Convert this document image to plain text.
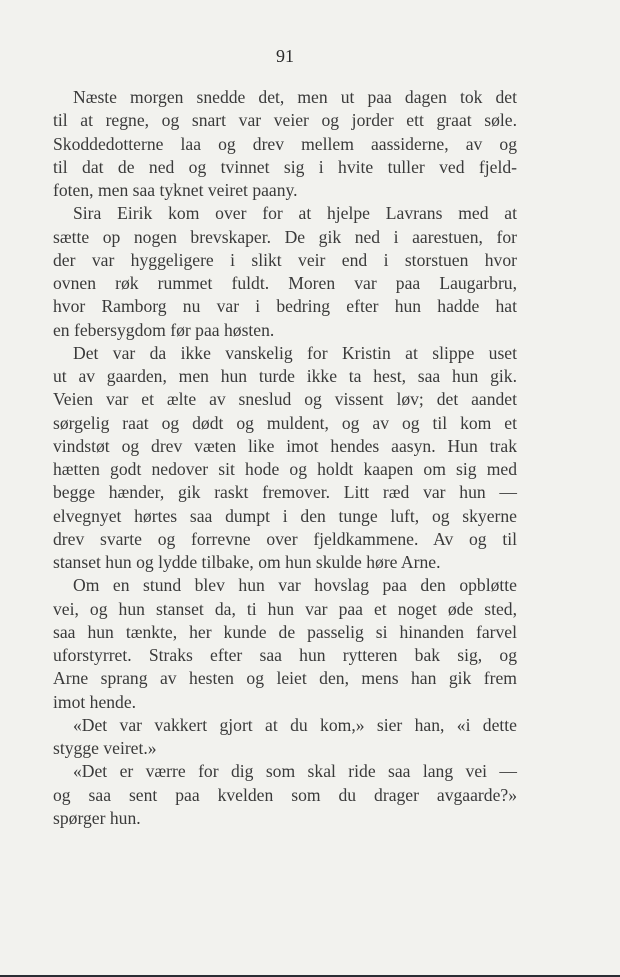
91
Næste morgen snedde det, men ut paa dagen tok det
til at regne, og snart var veier og jorder ett graat søle.
Skoddedotterne laa og drev mellem aassiderne, av og
til dat de ned og tvinnet sig i hvite tuller ved fjeld-
foten, men saa tyknet veiret paany.
Sira Eirik kom over for at hjelpe Lavrans med at
sætte op nogen brevskaper. De gik ned i aarestuen, for
der var hyggeligere i slikt veir end i storstuen hvor
ovnen røk rummet fuldt. Moren var paa Laugarbru,
hvor Ramborg nu var i bedring efter hun hadde hat
en febersygdom før paa høsten.
Det var da ikke vanskelig for Kristin at slippe uset
ut av gaarden, men hun turde ikke ta hest, saa hun gik.
Veien var et ælte av sneslud og vissent løv; det aandet
sørgelig raat og dødt og muldent, og av og til kom et
vindstøt og drev væten like imot hendes aasyn. Hun trak
hætten godt nedover sit hode og holdt kaapen om sig med
begge hænder, gik raskt fremover. Litt ræd var hun —
elvegnyet hørtes saa dumpt i den tunge luft, og skyerne
drev svarte og forrevne over fjeldkammene. Av og til
stanset hun og lydde tilbake, om hun skulde høre Arne.
Om en stund blev hun var hovslag paa den opbløtte
vei, og hun stanset da, ti hun var paa et noget øde sted,
saa hun tænkte, her kunde de passelig si hinanden farvel
uforstyrret. Straks efter saa hun rytteren bak sig, og
Arne sprang av hesten og leiet den, mens han gik frem
imot hende.
«Det var vakkert gjort at du kom,» sier han, «i dette
stygge veiret.»
«Det er værre for dig som skal ride saa lang vei —
og saa sent paa kvelden som du drager avgaarde?»
spørger hun.
